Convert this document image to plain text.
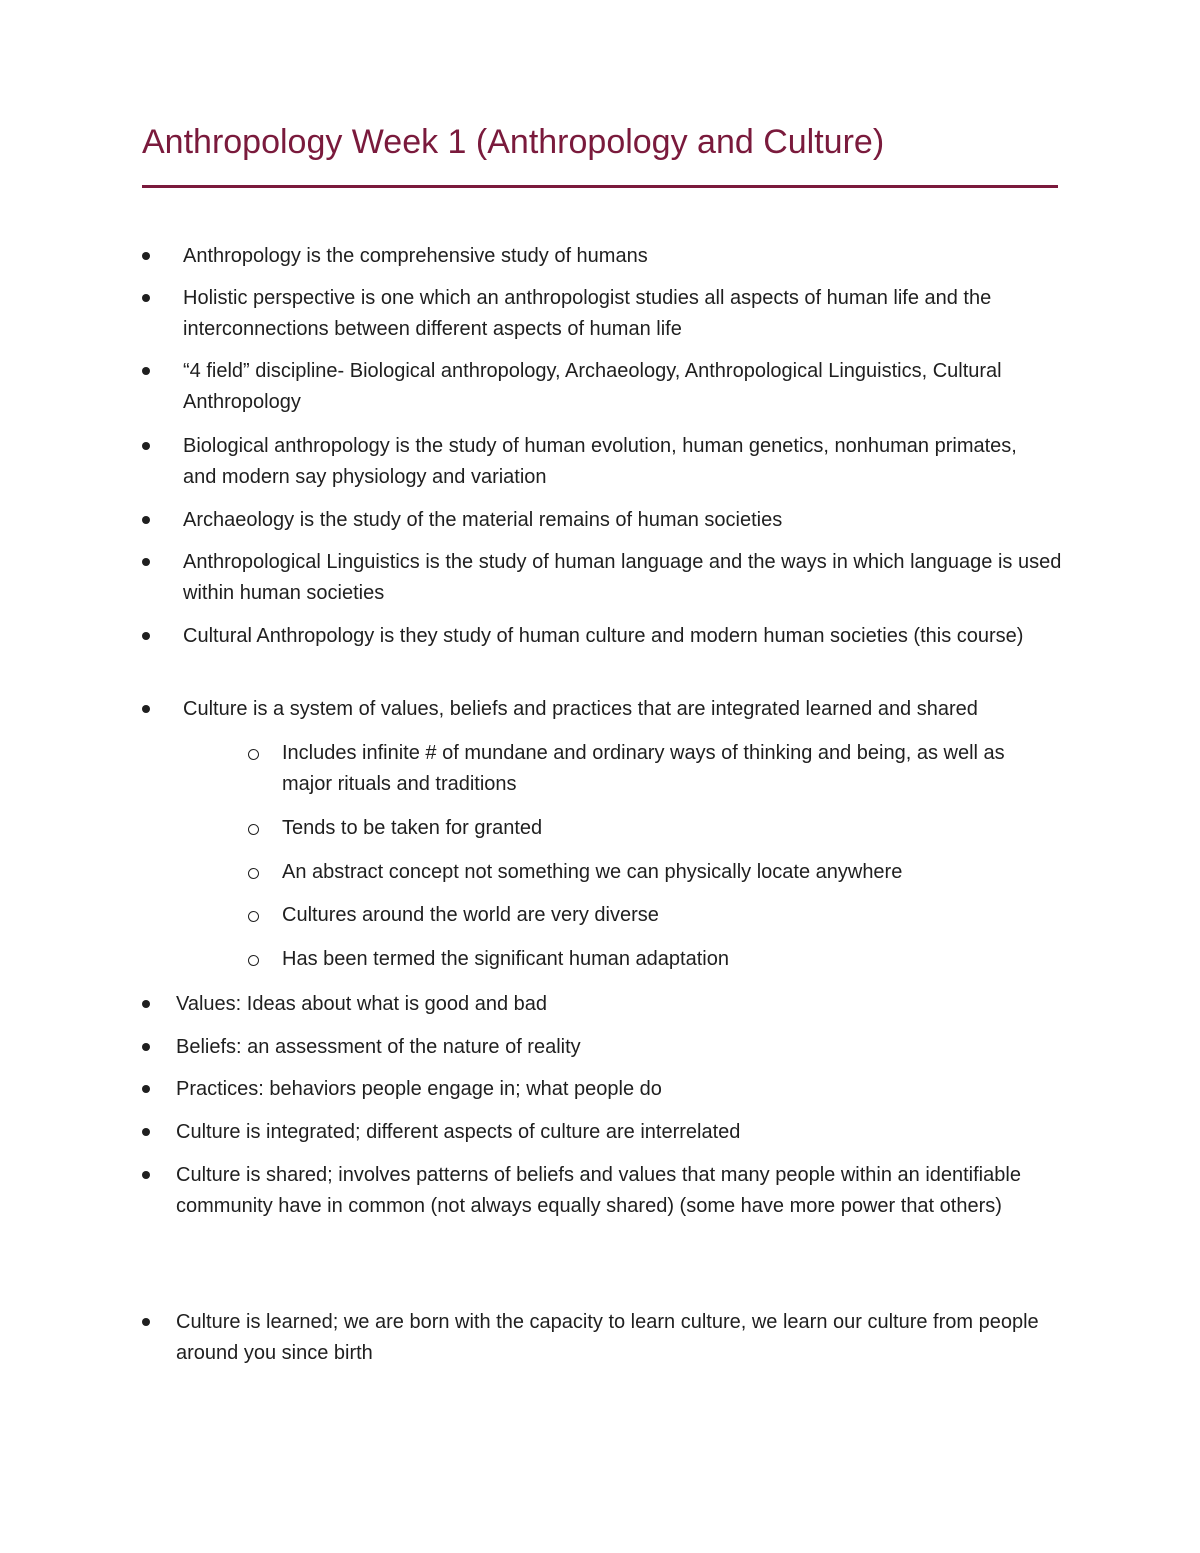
Anthropology Week 1 (Anthropology and Culture)
Anthropology is the comprehensive study of humans
Holistic perspective is one which an anthropologist studies all aspects of human life and the interconnections between different aspects of human life
“4 field” discipline- Biological anthropology, Archaeology, Anthropological Linguistics, Cultural Anthropology
Biological anthropology is the study of human evolution, human genetics, nonhuman primates, and modern say physiology and variation
Archaeology is the study of the material remains of human societies
Anthropological Linguistics is the study of human language and the ways in which language is used within human societies
Cultural Anthropology is they study of human culture and modern human societies (this course)
Culture is a system of values, beliefs and practices that are integrated learned and shared
Includes infinite # of mundane and ordinary ways of thinking and being, as well as major rituals and traditions
Tends to be taken for granted
An abstract concept not something we can physically locate anywhere
Cultures around the world are very diverse
Has been termed the significant human adaptation
Values: Ideas about what is good and bad
Beliefs: an assessment of the nature of reality
Practices: behaviors people engage in; what people do
Culture is integrated; different aspects of culture are interrelated
Culture is shared; involves patterns of beliefs and values that many people within an identifiable community have in common (not always equally shared) (some have more power that others)
Culture is learned; we are born with the capacity to learn culture, we learn our culture from people around you since birth
